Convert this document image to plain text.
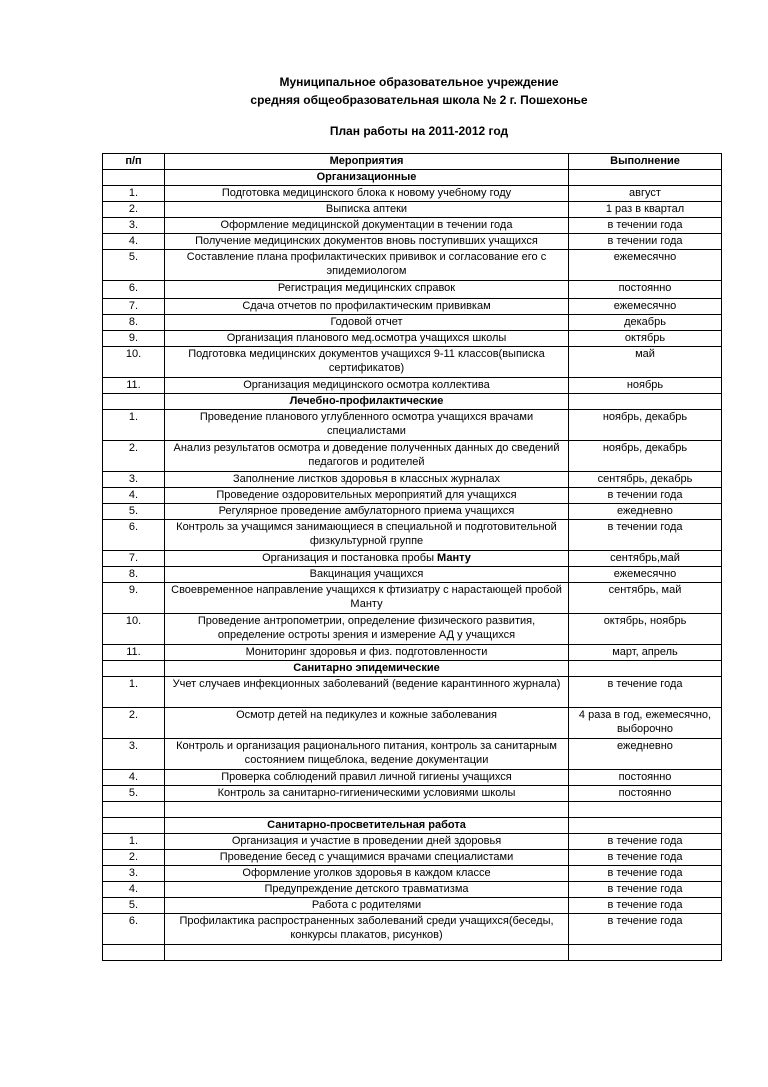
Муниципальное образовательное учреждение
средняя общеобразовательная школа № 2 г. Пошехонье
План работы на 2011-2012 год
п/п	Мероприятия	Выполнение
	Организационные	
1.	Подготовка медицинского блока к новому учебному году	август
2.	Выписка аптеки	1 раз в квартал
3.	Оформление медицинской документации в течении года	в течении года
4.	Получение медицинских документов вновь поступивших учащихся	в течении года
5.	Составление плана профилактических прививок и согласование его с эпидемиологом	ежемесячно
6.	Регистрация медицинских справок	постоянно
7.	Сдача отчетов по профилактическим прививкам	ежемесячно
8.	Годовой отчет	декабрь
9.	Организация планового мед.осмотра учащихся школы	октябрь
10.	Подготовка медицинских документов учащихся 9-11 классов(выписка сертификатов)	май
11.	Организация медицинского осмотра коллектива	ноябрь
	Лечебно-профилактические	
1.	Проведение планового углубленного осмотра учащихся врачами специалистами	ноябрь, декабрь
2.	Анализ результатов осмотра и доведение полученных данных до сведений педагогов и родителей	ноябрь, декабрь
3.	Заполнение листков здоровья в классных журналах	сентябрь, декабрь
4.	Проведение оздоровительных мероприятий для учащихся	в течении года
5.	Регулярное проведение амбулаторного приема учащихся	ежедневно
6.	Контроль за учащимся занимающиеся в специальной и подготовительной физкультурной группе	в течении года
7.	Организация и постановка пробы Манту	сентябрь,май
8.	Вакцинация учащихся	ежемесячно
9.	Своевременное направление учащихся к фтизиатру с нарастающей пробой Манту	сентябрь, май
10.	Проведение антропометрии, определение физического развития, определение остроты зрения и измерение АД у учащихся	октябрь, ноябрь
11.	Мониторинг здоровья и физ. подготовленности	март, апрель
	Санитарно эпидемические	
1.	Учет случаев инфекционных заболеваний (ведение карантинного журнала)	в течение года
2.	Осмотр детей на педикулез и кожные заболевания	4 раза в год, ежемесячно, выборочно
3.	Контроль и организация рационального питания, контроль за санитарным состоянием пищеблока, ведение документации	ежедневно
4.	Проверка соблюдений правил личной гигиены учащихся	постоянно
5.	Контроль за санитарно-гигиеническими условиями школы	постоянно

	Санитарно-просветительная работа	
1.	Организация и участие в проведении дней здоровья	в течение года
2.	Проведение бесед с учащимися врачами специалистами	в течение года
3.	Оформление уголков здоровья в каждом классе	в течение года
4.	Предупреждение детского травматизма	в течение года
5.	Работа с родителями	в течение года
6.	Профилактика распространенных заболеваний среди учащихся(беседы, конкурсы плакатов, рисунков)	в течение года
